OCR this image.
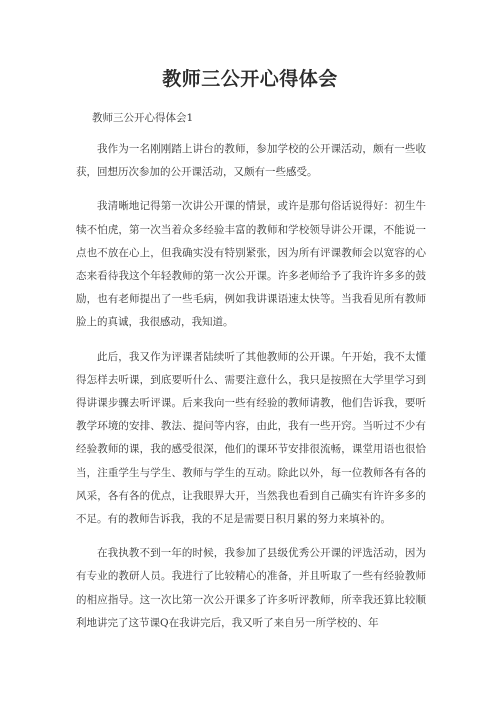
教师三公开心得体会

教师三公开心得体会1

我作为一名刚刚踏上讲台的教师，参加学校的公开课活动，颇有一些收获，回想历次参加的公开课活动，又颇有一些感受。

我清晰地记得第一次讲公开课的情景，或许是那句俗话说得好：初生牛犊不怕虎，第一次当着众多经验丰富的教师和学校领导讲公开课，不能说一点也不放在心上，但我确实没有特别紧张，因为所有评课教师会以宽容的心态来看待我这个年轻教师的第一次公开课。许多老师给予了我许许多多的鼓励，也有老师提出了一些毛病，例如我讲课语速太快等。当我看见所有教师脸上的真诚，我很感动，我知道。

此后，我又作为评课者陆续听了其他教师的公开课。午开始，我不太懂得怎样去听课，到底要听什么、需要注意什么，我只是按照在大学里学习到得讲课步骤去听评课。后来我向一些有经验的教师请教，他们告诉我，要听教学环境的安排、教法、提问等内容，由此，我有一些开窍。当听过不少有经验教师的课，我的感受很深，他们的课环节安排很流畅，课堂用语也很恰当，注重学生与学生、教师与学生的互动。除此以外，每一位教师各有各的风采，各有各的优点，让我眼界大开，当然我也看到自己确实有许许多多的不足。有的教师告诉我，我的不足是需要日积月累的努力来填补的。

在我执教不到一年的时候，我参加了县级优秀公开课的评选活动，因为有专业的教研人员。我进行了比较精心的准备，并且听取了一些有经验教师的相应指导。这一次比第一次公开课多了许多听评教师，所幸我还算比较顺利地讲完了这节课Q在我讲完后，我又听了来自另一所学校的、年
